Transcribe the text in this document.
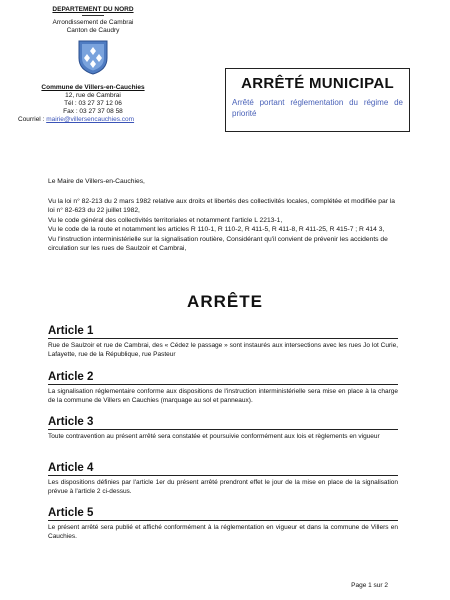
DEPARTEMENT DU NORD
Arrondissement de Cambrai
Canton de Caudry
Commune de Villers-en-Cauchies
12, rue de Cambrai
Tél : 03 27 37 12 06
Fax : 03 27 37 08 58
Courriel : mairie@villersencauchies.com
ARRÊTÉ MUNICIPAL
Arrêté portant réglementation du régime de priorité

Le Maire de Villers-en-Cauchies,

Vu la loi n° 82-213 du 2 mars 1982 relative aux droits et libertés des collectivités locales, complétée et modifiée par la loi n° 82-623 du 22 juillet 1982,

Vu le code général des collectivités territoriales et notamment l'article L 2213-1,

Vu le code de la route et notamment les articles R 110-1, R 110-2, R 411-5, R 411-8, R 411-25, R 415-7 ; R 414 3,

Vu l'instruction interministérielle sur la signalisation routière, Considérant qu'il convient de prévenir les accidents de circulation sur les rues de Saulzoir et Cambrai,

ARRÊTE
Article 1
Rue de Saulzoir et rue de Cambrai, des « Cédez le passage » sont instaurés aux intersections avec les rues Jo lot Curie, Lafayette, rue de la République, rue Pasteur
Article 2
La signalisation réglementaire conforme aux dispositions de l'instruction interministérielle sera mise en place à la charge de la commune de Villers en Cauchies (marquage au sol et panneaux).
Article 3
Toute contravention au présent arrêté sera constatée et poursuivie conformément aux lois et règlements en vigueur
Article 4
Les dispositions définies par l'article 1er du présent arrêté prendront effet le jour de la mise en place de la signalisation prévue à l'article 2 ci-dessus.
Article 5
Le présent arrêté sera publié et affiché conformément à la réglementation en vigueur et dans la commune de Villers en Cauchies.
Page 1 sur 2
